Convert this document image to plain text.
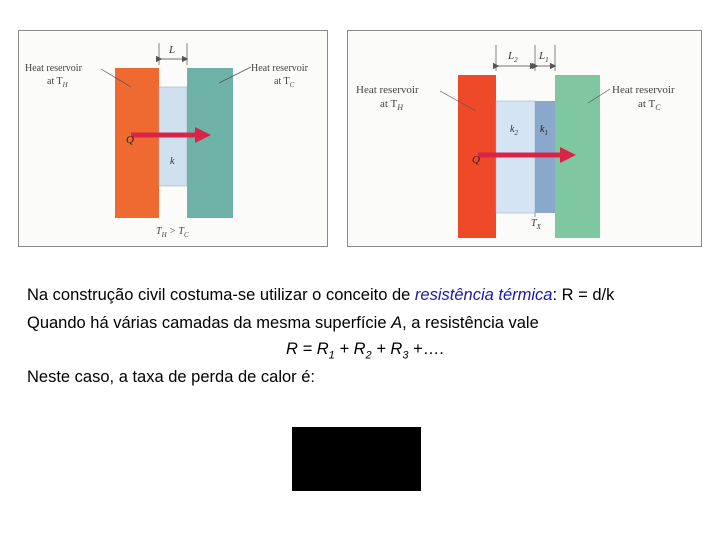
L
Heat reservoir
at $T_H$
Heat reservoir
at $T_C$
Q
k
$T_H > T_C$
$L_2$ $L_1$
Heat reservoir
at $T_H$
Heat reservoir
at $T_C$
$k_2$ $k_1$
Q
$T_X$
Na construção civil costuma-se utilizar o conceito de resistência térmica: R = d/k
Quando há várias camadas da mesma superfície A, a resistência vale
$R = R_1 + R_2 + R_3$ +….
Neste caso, a taxa de perda de calor é:
